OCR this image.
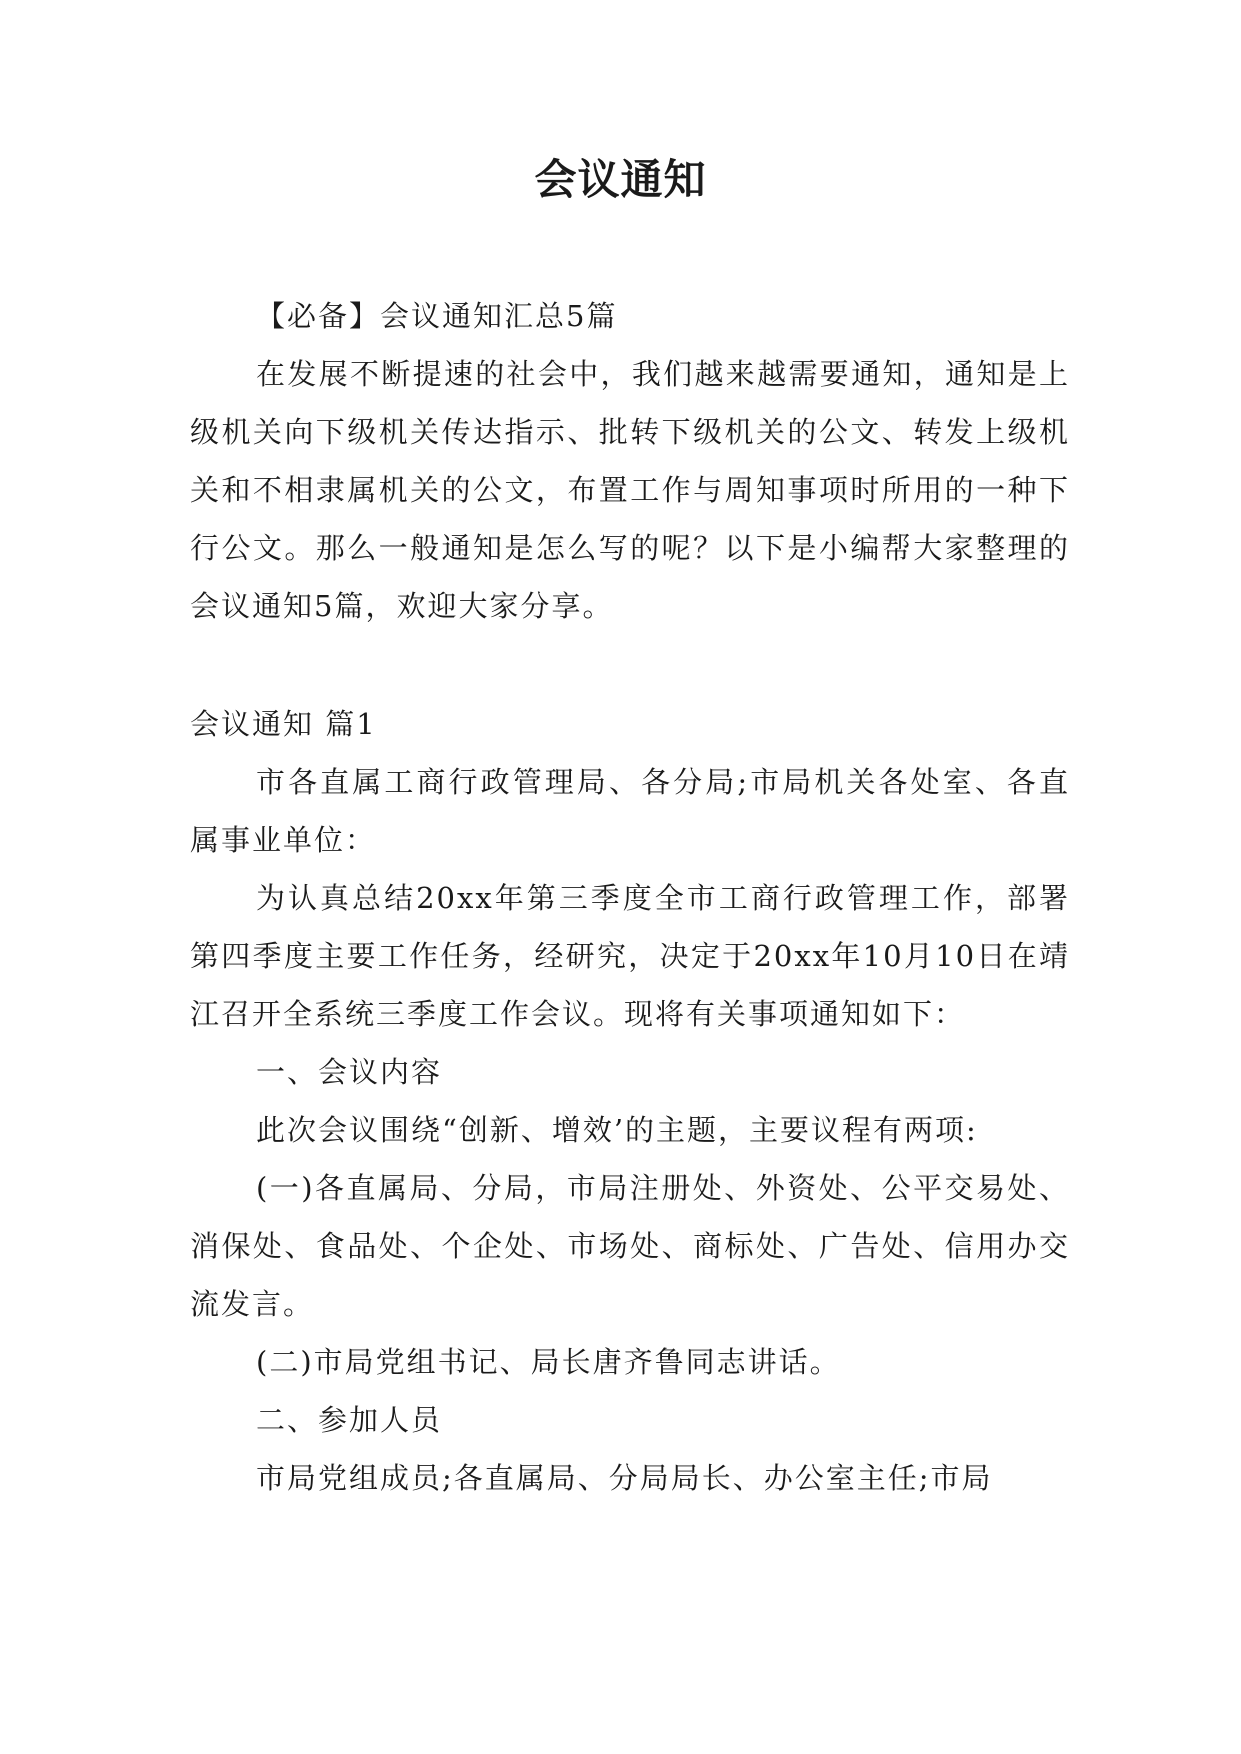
会议通知

【必备】会议通知汇总5篇

在发展不断提速的社会中，我们越来越需要通知，通知是上级机关向下级机关传达指示、批转下级机关的公文、转发上级机关和不相隶属机关的公文，布置工作与周知事项时所用的一种下行公文。那么一般通知是怎么写的呢？以下是小编帮大家整理的会议通知5篇，欢迎大家分享。

会议通知 篇1

市各直属工商行政管理局、各分局;市局机关各处室、各直属事业单位：

为认真总结20xx年第三季度全市工商行政管理工作，部署第四季度主要工作任务，经研究，决定于20xx年10月10日在靖江召开全系统三季度工作会议。现将有关事项通知如下：

一、会议内容

此次会议围绕“创新、增效’的主题，主要议程有两项:

(一)各直属局、分局，市局注册处、外资处、公平交易处、消保处、食品处、个企处、市场处、商标处、广告处、信用办交流发言。

(二)市局党组书记、局长唐齐鲁同志讲话。

二、参加人员

市局党组成员;各直属局、分局局长、办公室主任;市局
